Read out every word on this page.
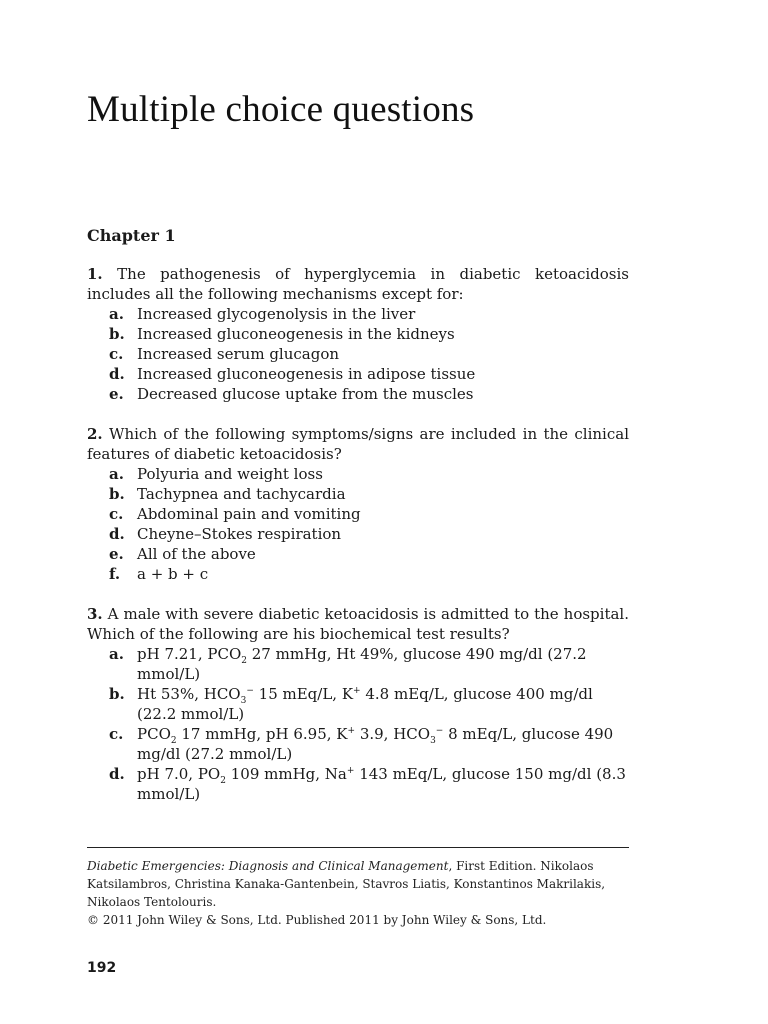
Multiple choice questions
Chapter 1

1. The pathogenesis of hyperglycemia in diabetic ketoacidosis includes all the following mechanisms except for:

a. Increased glycogenolysis in the liver
b. Increased gluconeogenesis in the kidneys
c. Increased serum glucagon
d. Increased gluconeogenesis in adipose tissue
e. Decreased glucose uptake from the muscles

2. Which of the following symptoms/signs are included in the clinical features of diabetic ketoacidosis?

a. Polyuria and weight loss
b. Tachypnea and tachycardia
c. Abdominal pain and vomiting
d. Cheyne–Stokes respiration
e. All of the above
f. a + b + c

3. A male with severe diabetic ketoacidosis is admitted to the hospital. Which of the following are his biochemical test results?

a. pH 7.21, $PCO_2$ 27 mmHg, Ht 49%, glucose 490 mg/dl (27.2 mmol/L)
b. Ht 53%, $HCO_3^-$ 15 mEq/L, K+ 4.8 mEq/L, glucose 400 mg/dl (22.2 mmol/L)
c. $PCO_2$ 17 mmHg, pH 6.95, K+ 3.9, $HCO_3^-$ 8 mEq/L, glucose 490 mg/dl (27.2 mmol/L)
d. pH 7.0, $PO_2$ 109 mmHg, Na+ 143 mEq/L, glucose 150 mg/dl (8.3 mmol/L)

Diabetic Emergencies: Diagnosis and Clinical Management, First Edition. Nikolaos Katsilambros, Christina Kanaka-Gantenbein, Stavros Liatis, Konstantinos Makrilakis, Nikolaos Tentolouris.
© 2011 John Wiley & Sons, Ltd. Published 2011 by John Wiley & Sons, Ltd.

192
